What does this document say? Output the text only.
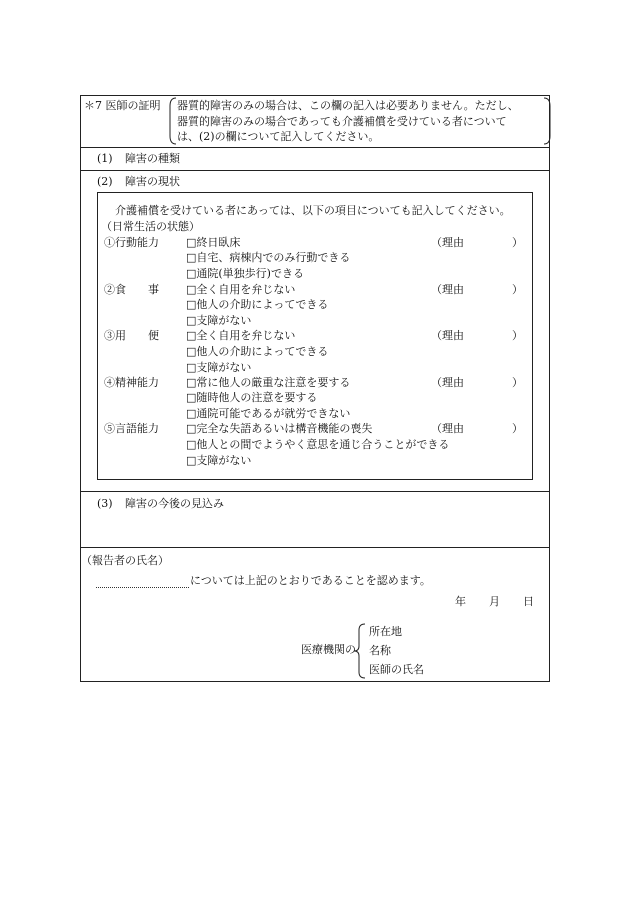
＊7 医師の証明 器質的障害のみの場合は、この欄の記入は必要ありません。ただし、
器質的障害のみの場合であっても介護補償を受けている者について
は、(2)の欄について記入してください。
(1) 障害の種類
(2) 障害の現状
介護補償を受けている者にあっては、以下の項目についても記入してください。
（日常生活の状態）
①行動能力 □終日臥床	（理由	）
□自宅、病棟内でのみ行動できる
□通院(単独歩行)できる
②食　　事 □全く自用を弁じない	（理由	）
□他人の介助によってできる
□支障がない
③用　　便 □全く自用を弁じない	（理由	）
□他人の介助によってできる
□支障がない
④精神能力 □常に他人の厳重な注意を要する	（理由	）
□随時他人の注意を要する
□通院可能であるが就労できない
⑤言語能力 □完全な失語あるいは構音機能の喪失	（理由	）
□他人との間でようやく意思を通じ合うことができる
□支障がない
(3) 障害の今後の見込み
（報告者の氏名）
については上記のとおりであることを認めます。
年 月 日
医療機関の
所在地
名称
医師の氏名
